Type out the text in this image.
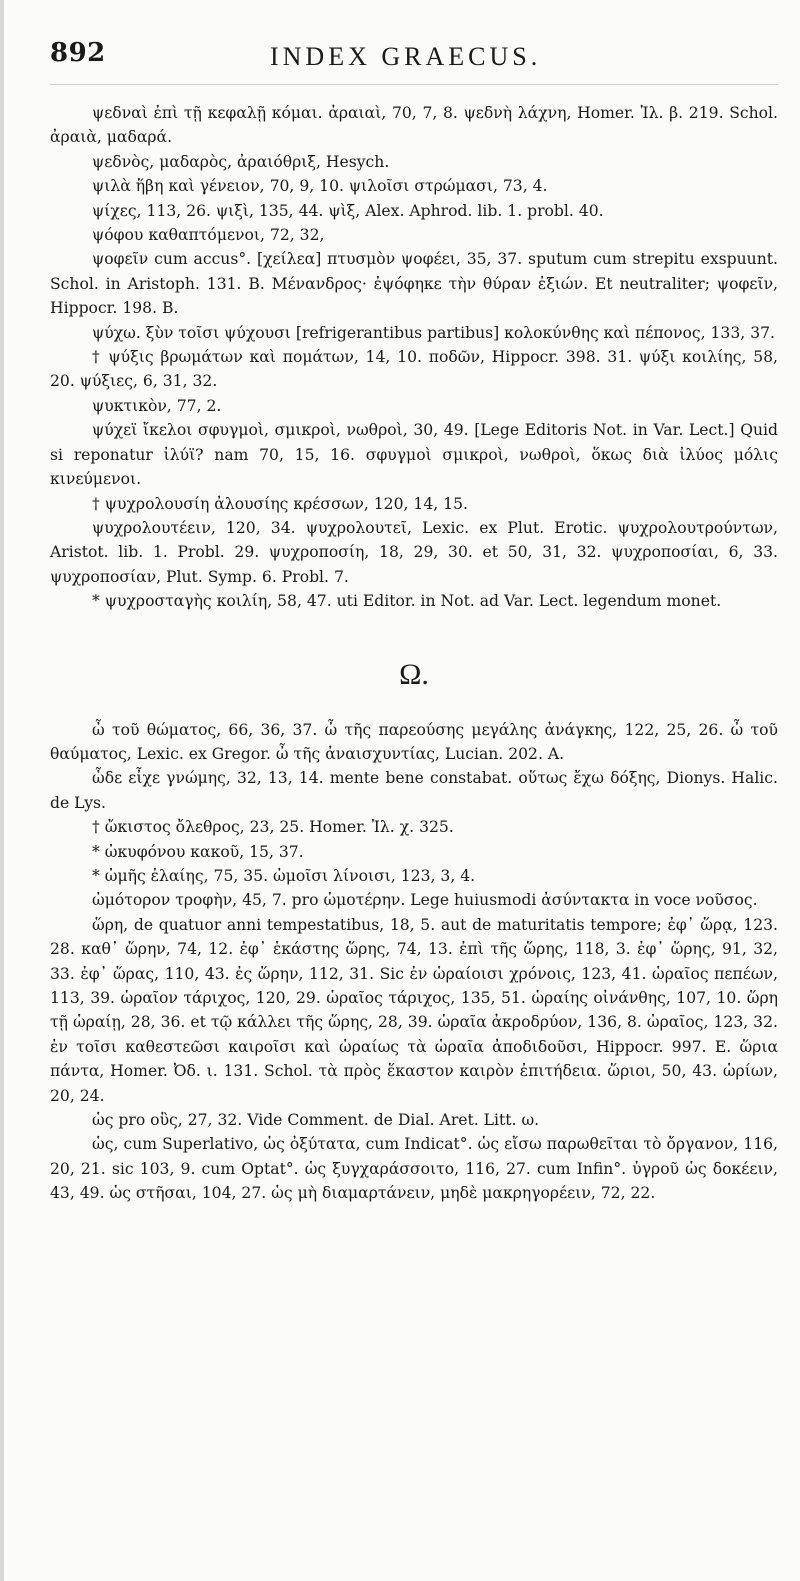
892	INDEX GRAECUS.

ψεδναὶ ἐπὶ τῇ κεφαλῇ κόμαι. ἀραιαὶ, 70, 7, 8. ψεδνὴ λάχνη, Homer. Ἰλ. β. 219. Schol. ἀραιὰ, μαδαρά.

ψεδνὸς, μαδαρὸς, ἀραιόθριξ, Hesych.

ψιλὰ ἥβη καὶ γένειον, 70, 9, 10. ψιλοῖσι στρώμασι, 73, 4.

ψίχες, 113, 26. ψιξὶ, 135, 44. ψὶξ, Alex. Aphrod. lib. 1. probl. 40.

ψόφου καθαπτόμενοι, 72, 32,

ψοφεῖν cum accus°. [χείλεα] πτυσμὸν ψοφέει, 35, 37. sputum cum strepitu exspuunt. Schol. in Aristoph. 131. B. Μένανδρος· ἐψόφηκε τὴν θύραν ἐξιών. Et neutraliter; ψοφεῖν, Hippocr. 198. B.

ψύχω. ξὺν τοῖσι ψύχουσι [refrigerantibus partibus] κολοκύνθης καὶ πέπονος, 133, 37.

† ψύξις βρωμάτων καὶ πομάτων, 14, 10. ποδῶν, Hippocr. 398. 31. ψύξι κοιλίης, 58, 20. ψύξιες, 6, 31, 32.

ψυκτικὸν, 77, 2.

ψύχεϊ ἴκελοι σφυγμοὶ, σμικροὶ, νωθροὶ, 30, 49. [Lege Editoris Not. in Var. Lect.] Quid si reponatur ἰλύϊ? nam 70, 15, 16. σφυγμοὶ σμικροὶ, νωθροὶ, ὅκως διὰ ἰλύος μόλις κινεύμενοι.

† ψυχρολουσίη ἀλουσίης κρέσσων, 120, 14, 15.

ψυχρολουτέειν, 120, 34. ψυχρολουτεῖ, Lexic. ex Plut. Erotic. ψυχρολουτρούντων, Aristot. lib. 1. Probl. 29. ψυχροποσίη, 18, 29, 30. et 50, 31, 32. ψυχροποσίαι, 6, 33. ψυχροποσίαν, Plut. Symp. 6. Probl. 7.

* ψυχροσταγὴς κοιλίη, 58, 47. uti Editor. in Not. ad Var. Lect. legendum monet.

Ω.

ὦ τοῦ θώματος, 66, 36, 37. ὦ τῆς παρεούσης μεγάλης ἀνάγκης, 122, 25, 26. ὦ τοῦ θαύματος, Lexic. ex Gregor. ὦ τῆς ἀναισχυντίας, Lucian. 202. A.

ὧδε εἶχε γνώμης, 32, 13, 14. mente bene constabat. οὕτως ἔχω δόξης, Dionys. Halic. de Lys.

† ὤκιστος ὄλεθρος, 23, 25. Homer. Ἰλ. χ. 325.

* ὠκυφόνου κακοῦ, 15, 37.

* ὠμῆς ἐλαίης, 75, 35. ὠμοῖσι λίνοισι, 123, 3, 4.

ὠμότορον τροφὴν, 45, 7. pro ὠμοτέρην. Lege huiusmodi ἀσύντακτα in voce νοῦσος.

ὥρη, de quatuor anni tempestatibus, 18, 5. aut de maturitatis tempore; ἐφ᾽ ὥρᾳ, 123. 28. καθ᾽ ὥρην, 74, 12. ἐφ᾽ ἑκάστης ὥρης, 74, 13. ἐπὶ τῆς ὥρης, 118, 3. ἐφ᾽ ὥρης, 91, 32, 33. ἐφ᾽ ὥρας, 110, 43. ἐς ὥρην, 112, 31. Sic ἐν ὡραίοισι χρόνοις, 123, 41. ὡραῖος πεπέων, 113, 39. ὡραῖον τάριχος, 120, 29. ὡραῖος τάριχος, 135, 51. ὡραίης οἰνάνθης, 107, 10. ὥρη τῇ ὡραίῃ, 28, 36. et τῷ κάλλει τῆς ὥρης, 28, 39. ὡραῖα ἀκροδρύον, 136, 8. ὡραῖος, 123, 32. ἐν τοῖσι καθεστεῶσι καιροῖσι καὶ ὡραίως τὰ ὡραῖα ἀποδιδοῦσι, Hippocr. 997. E. ὥρια πάντα, Homer. Ὀδ. ι. 131. Schol. τὰ πρὸς ἕκαστον καιρὸν ἐπιτήδεια. ὥριοι, 50, 43. ὡρίων, 20, 24.

ὡς pro οὓς, 27, 32. Vide Comment. de Dial. Aret. Litt. ω.

ὡς, cum Superlativo, ὡς ὀξύτατα, cum Indicat°. ὡς εἴσω παρωθεῖται τὸ ὄργανον, 116, 20, 21. sic 103, 9. cum Optat°. ὡς ξυγχαράσσοιτο, 116, 27. cum Infin°. ὑγροῦ ὡς δοκέειν, 43, 49. ὡς στῆσαι, 104, 27. ὡς μὴ διαμαρτάνειν, μηδὲ μακρηγορέειν, 72, 22.
